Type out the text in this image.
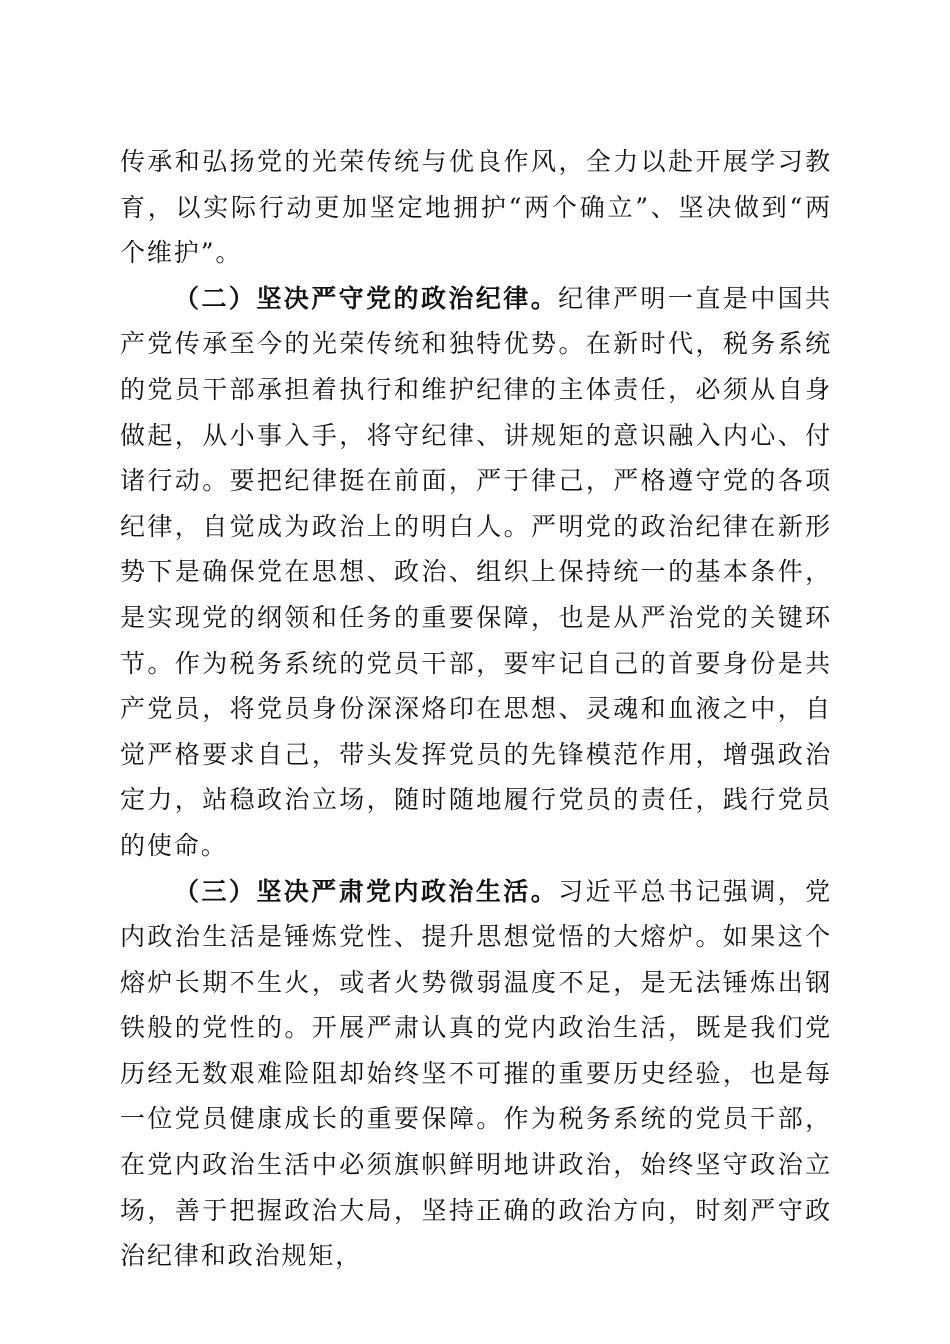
传承和弘扬党的光荣传统与优良作风，全力以赴开展学习教育，以实际行动更加坚定地拥护“两个确立”、坚决做到“两个维护”。

（二）坚决严守党的政治纪律。纪律严明一直是中国共产党传承至今的光荣传统和独特优势。在新时代，税务系统的党员干部承担着执行和维护纪律的主体责任，必须从自身做起，从小事入手，将守纪律、讲规矩的意识融入内心、付诸行动。要把纪律挺在前面，严于律己，严格遵守党的各项纪律，自觉成为政治上的明白人。严明党的政治纪律在新形势下是确保党在思想、政治、组织上保持统一的基本条件，是实现党的纲领和任务的重要保障，也是从严治党的关键环节。作为税务系统的党员干部，要牢记自己的首要身份是共产党员，将党员身份深深烙印在思想、灵魂和血液之中，自觉严格要求自己，带头发挥党员的先锋模范作用，增强政治定力，站稳政治立场，随时随地履行党员的责任，践行党员的使命。

（三）坚决严肃党内政治生活。习近平总书记强调，党内政治生活是锤炼党性、提升思想觉悟的大熔炉。如果这个熔炉长期不生火，或者火势微弱温度不足，是无法锤炼出钢铁般的党性的。开展严肃认真的党内政治生活，既是我们党历经无数艰难险阻却始终坚不可摧的重要历史经验，也是每一位党员健康成长的重要保障。作为税务系统的党员干部，在党内政治生活中必须旗帜鲜明地讲政治，始终坚守政治立场，善于把握政治大局，坚持正确的政治方向，时刻严守政治纪律和政治规矩，
